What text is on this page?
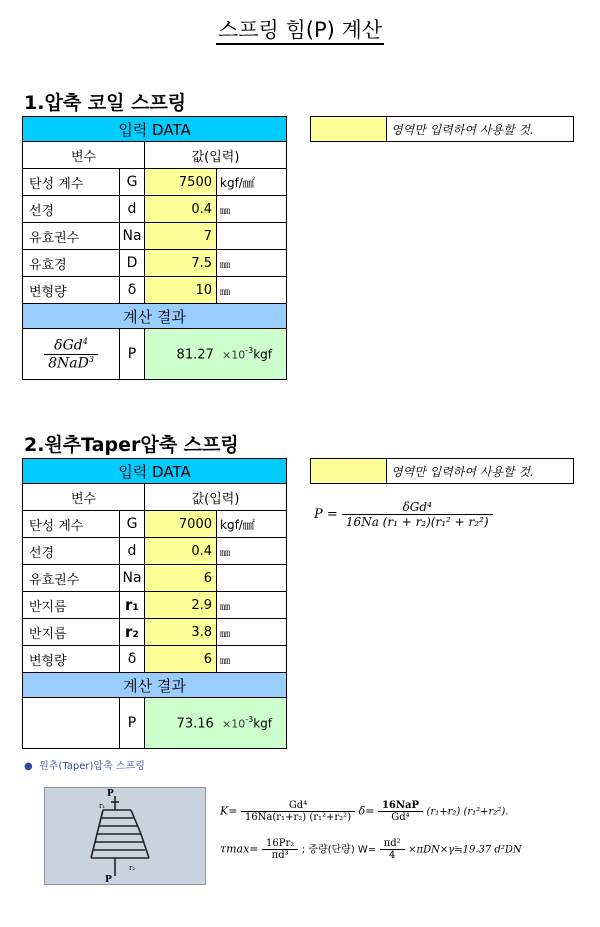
스프링 힘(P) 계산
1.압축 코일 스프링
입력 DATA			
변수		값(입력)	
탄성 계수	G	7500	kgf/㎟
선경	d	0.4	㎜
유효권수	Na	7	
유효경	D	7.5	㎜
변형량	δ	10	㎜
계산 결과			

$\frac{\delta Gd^4}{8NaD^3}$	P	$81.27 \times 10^{-3}kgf$	
영역만 입력하여 사용할 것.
2.원추Taper압축 스프링
입력 DATA			
변수		값(입력)	
탄성 계수	G	7000	kgf/㎟
선경	d	0.4	㎜
유효권수	Na	6	
반지름	r₁	2.9	㎜
반지름	r₂	3.8	㎜
변형량	δ	6	㎜
계산 결과			
	P	$73.16 \times 10^{-3}kgf$	
영역만 입력하여 사용할 것.
$P = \frac{\text{δGd⁴}}{\text{16Na (r₁ + r₂)(r₁² + r₂²)}}$
● 원추(Taper)압축 스프링
P
P
r₁
r₂
$K= \frac{\text{Gd⁴}}{\text{16Na(r₁+r₂) (r₁²+r₂²)}} \delta= \frac{\text{16NaP}}{\text{Gd⁴}} (r_1+r_2)$ (r₁²+r₂²).
$\tau\max= \frac{\text{16Pr₂}}{\text{πd³}}$ ; 중량(단량) $W= \frac{\text{πd²}}{4}$ ×πDN×γ≒19.37 d²DN
